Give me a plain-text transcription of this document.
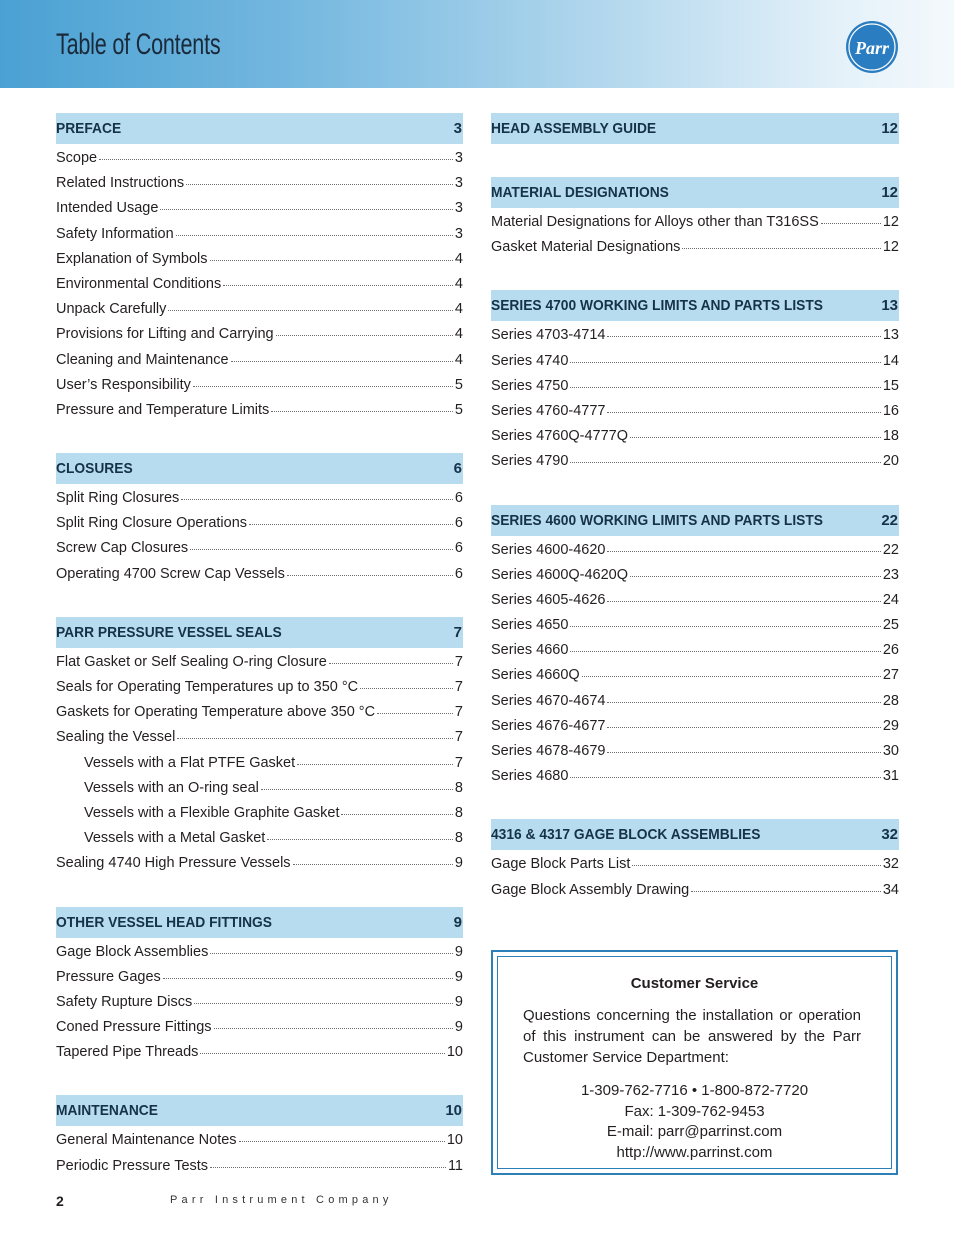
Table of Contents	Parr
PREFACE	3
Scope	3
Related Instructions	3
Intended Usage	3
Safety Information	3
Explanation of Symbols	4
Environmental Conditions	4
Unpack Carefully	4
Provisions for Lifting and Carrying	4
Cleaning and Maintenance	4
User’s Responsibility	5
Pressure and Temperature Limits	5
CLOSURES	6
Split Ring Closures	6
Split Ring Closure Operations	6
Screw Cap Closures	6
Operating 4700 Screw Cap Vessels	6
PARR PRESSURE VESSEL SEALS	7
Flat Gasket or Self Sealing O-ring Closure	7
Seals for Operating Temperatures up to 350 °C	7
Gaskets for Operating Temperature above 350 °C	7
Sealing the Vessel	7
Vessels with a Flat PTFE Gasket	7
Vessels with an O-ring seal	8
Vessels with a Flexible Graphite Gasket	8
Vessels with a Metal Gasket	8
Sealing 4740 High Pressure Vessels	9
OTHER VESSEL HEAD FITTINGS	9
Gage Block Assemblies	9
Pressure Gages	9
Safety Rupture Discs	9
Coned Pressure Fittings	9
Tapered Pipe Threads	10
MAINTENANCE	10
General Maintenance Notes	10
Periodic Pressure Tests	11
HEAD ASSEMBLY GUIDE	12
MATERIAL DESIGNATIONS	12
Material Designations for Alloys other than T316SS	12
Gasket Material Designations	12
SERIES 4700 WORKING LIMITS AND PARTS LISTS	13
Series 4703-4714	13
Series 4740	14
Series 4750	15
Series 4760-4777	16
Series 4760Q-4777Q	18
Series 4790	20
SERIES 4600 WORKING LIMITS AND PARTS LISTS	22
Series 4600-4620	22
Series 4600Q-4620Q	23
Series 4605-4626	24
Series 4650	25
Series 4660	26
Series 4660Q	27
Series 4670-4674	28
Series 4676-4677	29
Series 4678-4679	30
Series 4680	31
4316 & 4317 GAGE BLOCK ASSEMBLIES	32
Gage Block Parts List	32
Gage Block Assembly Drawing	34
Customer Service
Questions concerning the installation or operation of this instrument can be answered by the Parr Customer Service Department:
1-309-762-7716 • 1-800-872-7720
Fax: 1-309-762-9453
E-mail: parr@parrinst.com
http://www.parrinst.com
2	Parr Instrument Company
